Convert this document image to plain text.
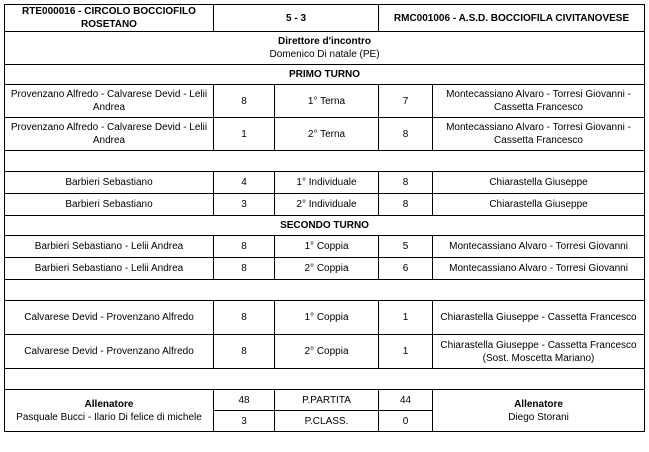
RTE000016 - CIRCOLO BOCCIOFILO ROSETANO	5 - 3		RMC001006 - A.S.D. BOCCIOFILA CIVITANOVESE	

Direttore d'incontro
Domenico Di natale (PE)				

PRIMO TURNO				
Provenzano Alfredo - Calvarese Devid - Lelii Andrea	8	1° Terna	7	Montecassiano Alvaro - Torresi Giovanni - Cassetta Francesco
Provenzano Alfredo - Calvarese Devid - Lelii Andrea	1	2° Terna	8	Montecassiano Alvaro - Torresi Giovanni - Cassetta Francesco

Barbieri Sebastiano	4	1° Individuale	8	Chiarastella Giuseppe
Barbieri Sebastiano	3	2° Individuale	8	Chiarastella Giuseppe
SECONDO TURNO				
Barbieri Sebastiano - Lelii Andrea	8	1° Coppia	5	Montecassiano Alvaro - Torresi Giovanni
Barbieri Sebastiano - Lelii Andrea	8	2° Coppia	6	Montecassiano Alvaro - Torresi Giovanni

Calvarese Devid - Provenzano Alfredo	8	1° Coppia	1	Chiarastella Giuseppe - Cassetta Francesco
Calvarese Devid - Provenzano Alfredo	8	2° Coppia	1	Chiarastella Giuseppe - Cassetta Francesco (Sost. Moscetta Mariano)

Allenatore
Pasquale Bucci - Ilario Di felice di michele	48	P.PARTITA	44	Allenatore
Diego Storani

	3	P.CLASS.	0	
